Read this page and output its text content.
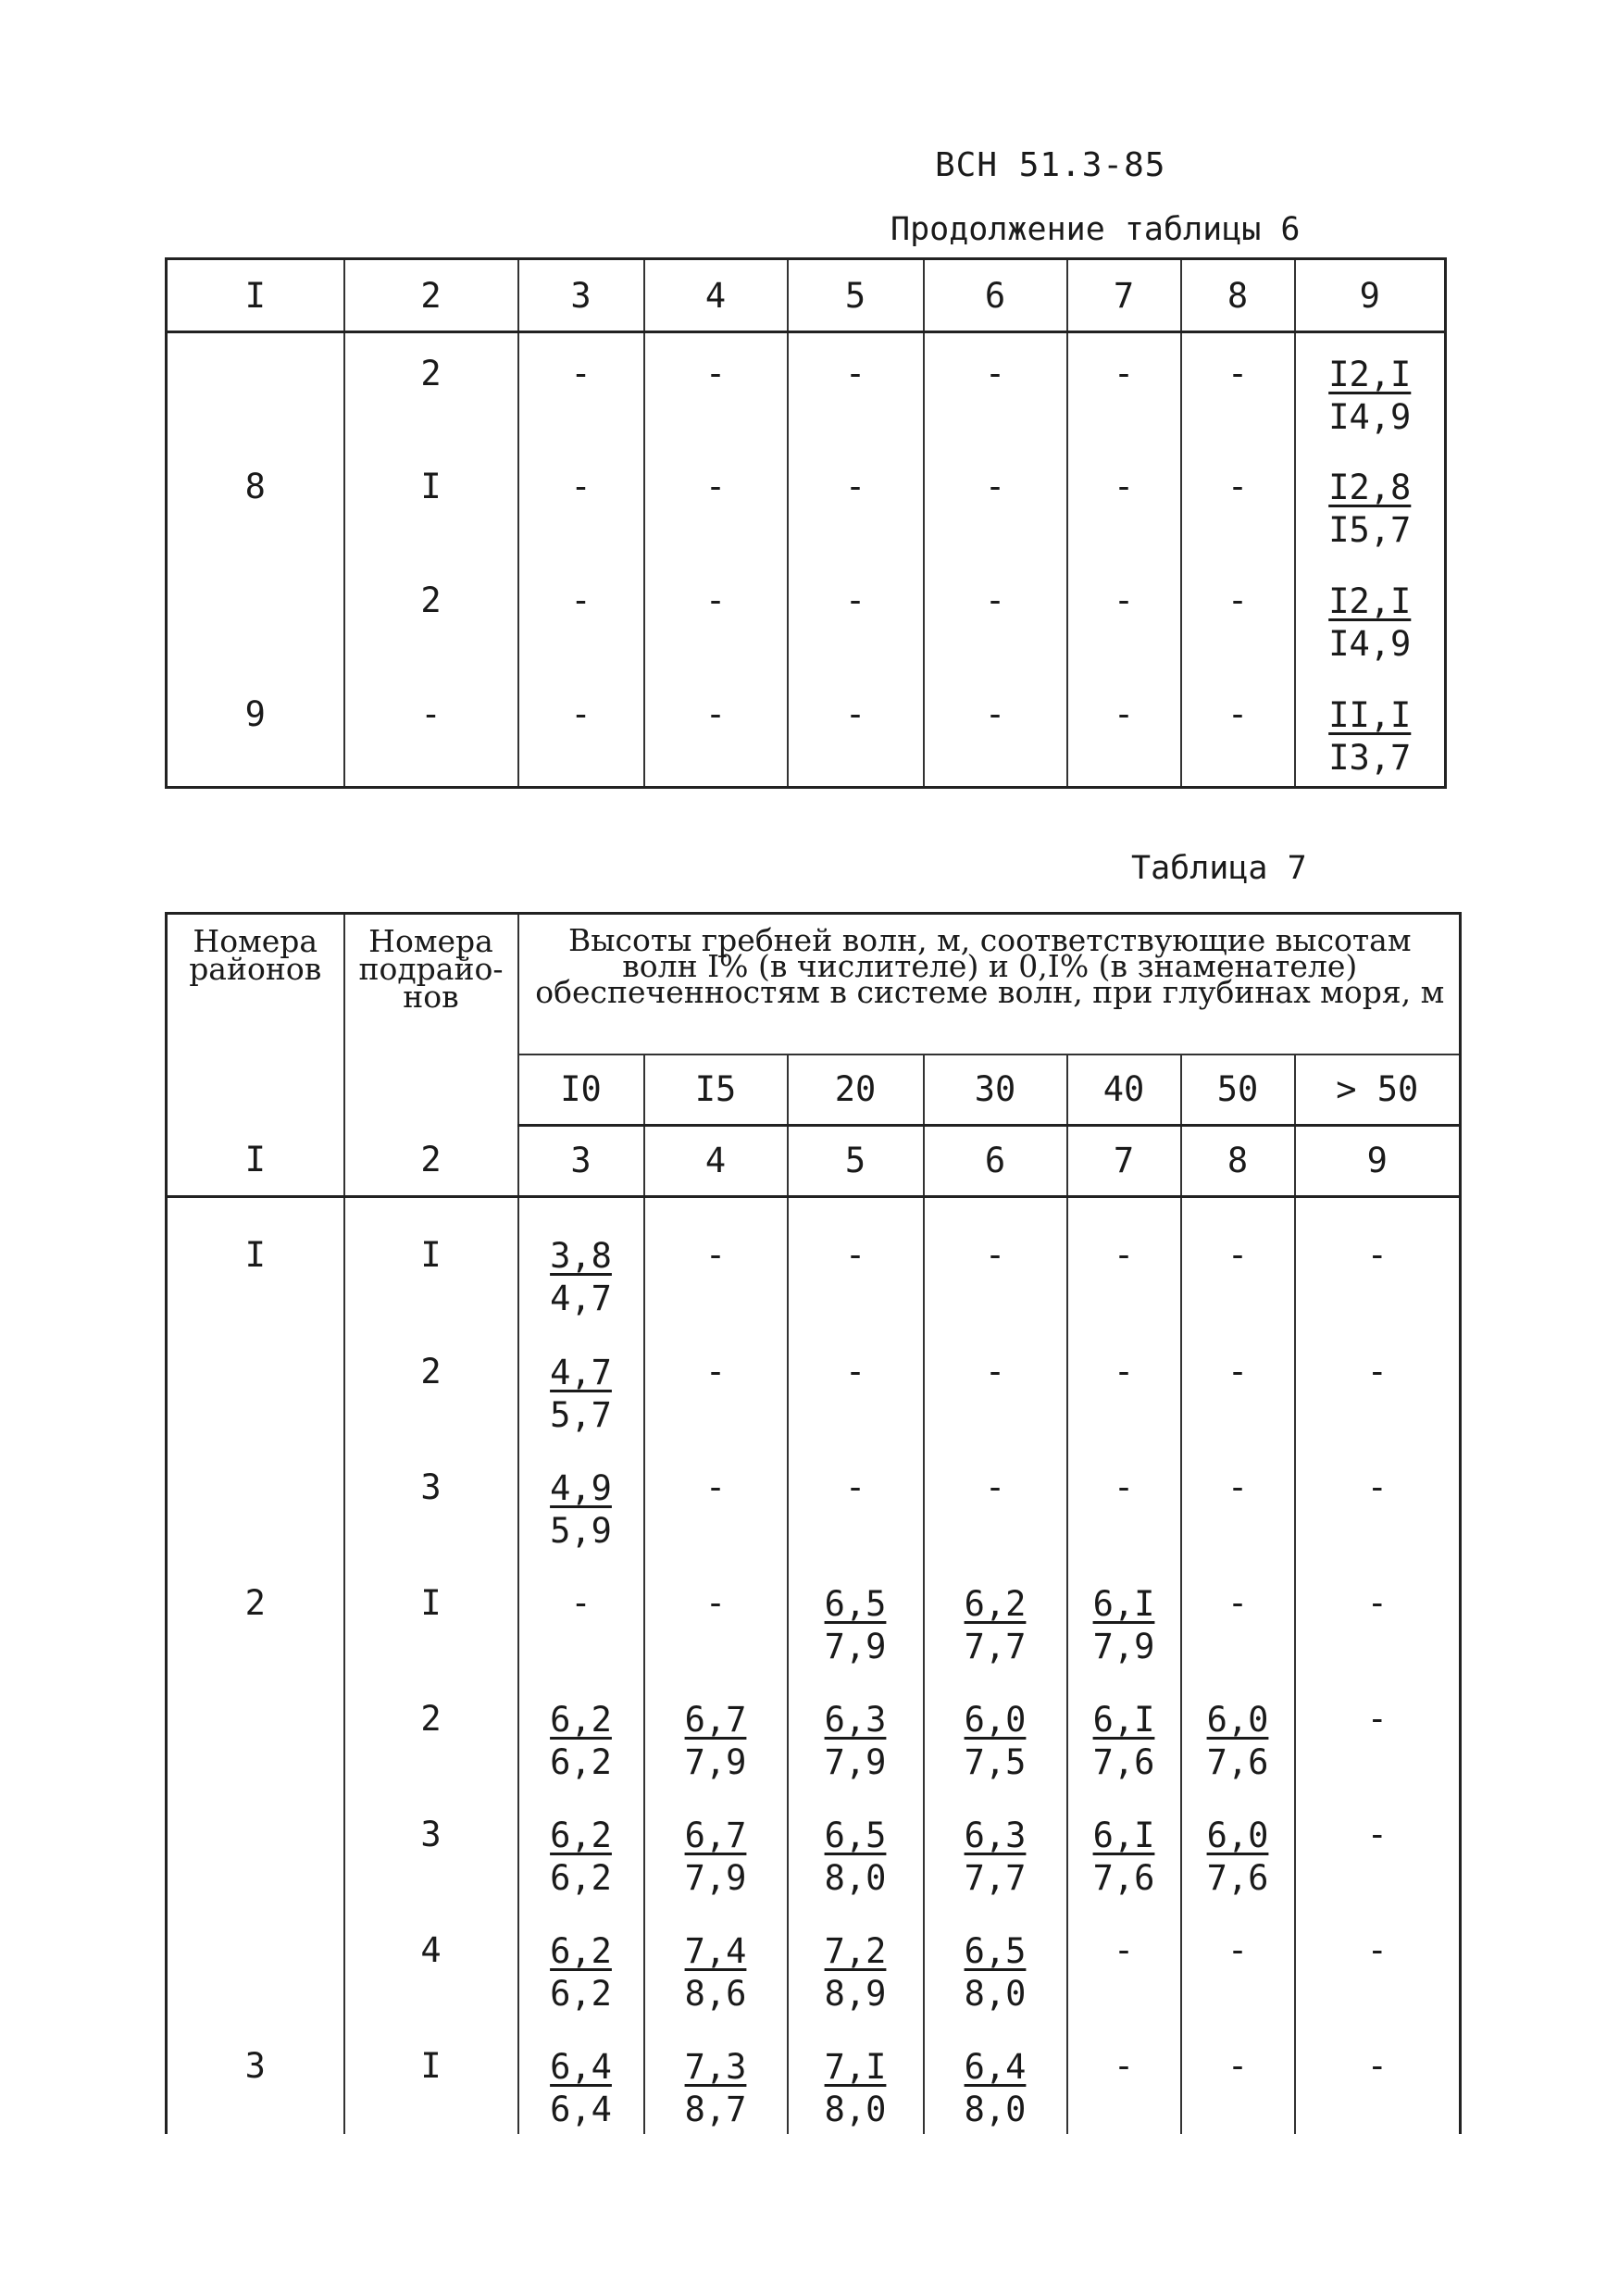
ВСН 51.3-85
Продолжение таблицы 6
I	2	3	4	5	6	7	8	9
	2	-	-	-	-	-	-	$\frac{I2,I}{I4,9}$

8	I	-	-	-	-	-	-	$\frac{I2,8}{I5,7}$

	2	-	-	-	-	-	-	$\frac{I2,I}{I4,9}$

9	-	-	-	-	-	-	-	$\frac{II,I}{I3,7}$
Таблица 7
Номера районов	Номера подрайо-нов	Высоты гребней волн, м, соответствующие высотам волн I% (в числителе) и 0,I% (в знаменателе) обеспеченностям в системе волн, при глубинах моря, м						
		I0	I5	20	30	40	50	> 50
I	2	3	4	5	6	7	8	9
I	I	$\frac{3,8}{4,7}$	-	-	-	-	-	-
	2	$\frac{4,7}{5,7}$	-	-	-	-	-	-
	3	$\frac{4,9}{5,9}$	-	-	-	-	-	-
2	I	-	-	$\frac{6,5}{7,9}$	$\frac{6,2}{7,7}$	$\frac{6,I}{7,9}$	-	-
	2	$\frac{6,2}{6,2}$	$\frac{6,7}{7,9}$	$\frac{6,3}{7,9}$	$\frac{6,0}{7,5}$	$\frac{6,I}{7,6}$	$\frac{6,0}{7,6}$	-
	3	$\frac{6,2}{6,2}$	$\frac{6,7}{7,9}$	$\frac{6,5}{8,0}$	$\frac{6,3}{7,7}$	$\frac{6,I}{7,6}$	$\frac{6,0}{7,6}$	-
	4	$\frac{6,2}{6,2}$	$\frac{7,4}{8,6}$	$\frac{7,2}{8,9}$	$\frac{6,5}{8,0}$	-	-	-
3	I	$\frac{6,4}{6,4}$	$\frac{7,3}{8,7}$	$\frac{7,I}{8,0}$	$\frac{6,4}{8,0}$	-	-	-
